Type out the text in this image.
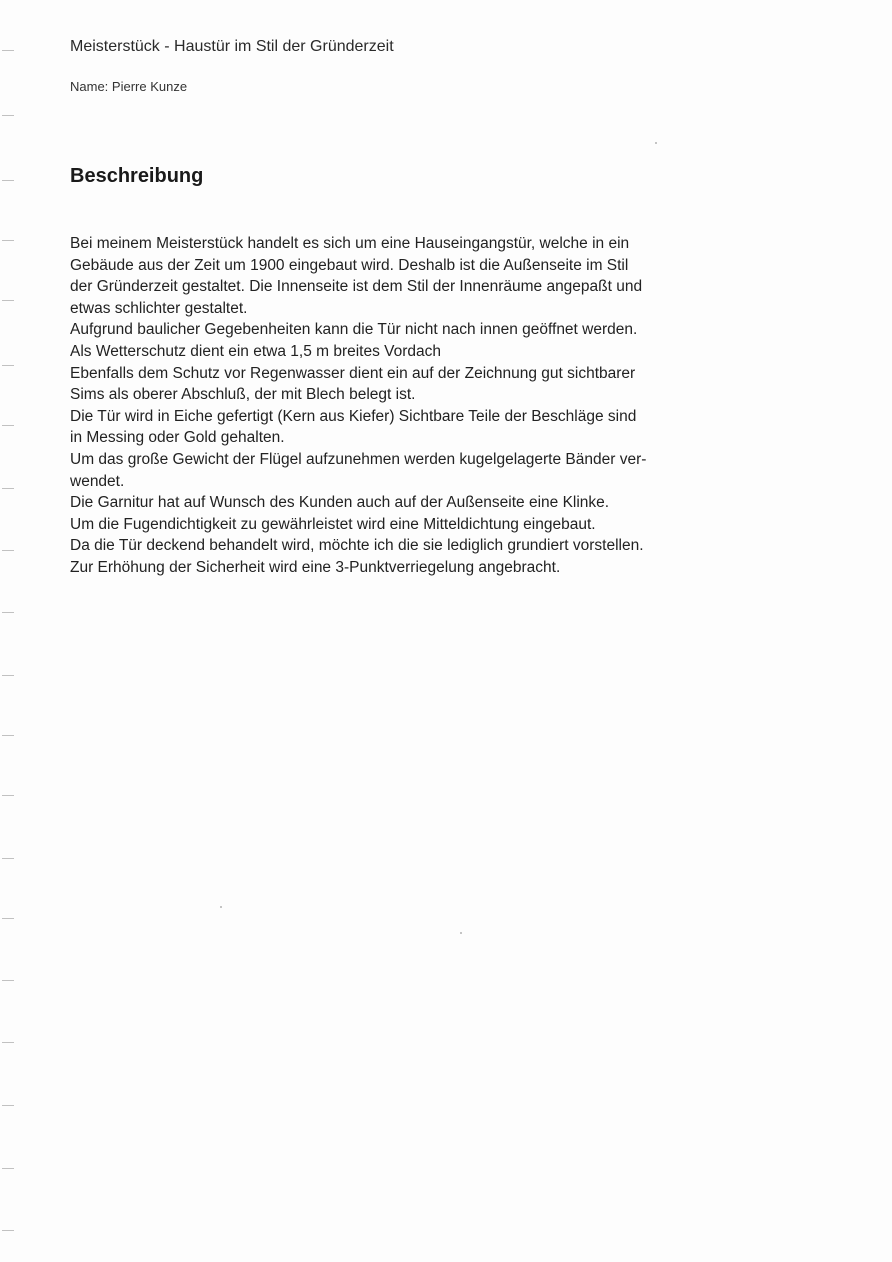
Meisterstück - Haustür im Stil der Gründerzeit
Name: Pierre Kunze
Beschreibung
Bei meinem Meisterstück handelt es sich um eine Hauseingangstür, welche in ein
Gebäude aus der Zeit um 1900 eingebaut wird. Deshalb ist die Außenseite im Stil
der Gründerzeit gestaltet. Die Innenseite ist dem Stil der Innenräume angepaßt und
etwas schlichter gestaltet.
Aufgrund baulicher Gegebenheiten kann die Tür nicht nach innen geöffnet werden.
Als Wetterschutz dient ein etwa 1,5 m breites Vordach
Ebenfalls dem Schutz vor Regenwasser dient ein auf der Zeichnung gut sichtbarer
Sims als oberer Abschluß, der mit Blech belegt ist.
Die Tür wird in Eiche gefertigt (Kern aus Kiefer) Sichtbare Teile der Beschläge sind
in Messing oder Gold gehalten.
Um das große Gewicht der Flügel aufzunehmen werden kugelgelagerte Bänder ver-
wendet.
Die Garnitur hat auf Wunsch des Kunden auch auf der Außenseite eine Klinke.
Um die Fugendichtigkeit zu gewährleistet wird eine Mitteldichtung eingebaut.
Da die Tür deckend behandelt wird, möchte ich die sie lediglich grundiert vorstellen.
Zur Erhöhung der Sicherheit wird eine 3-Punktverriegelung angebracht.
